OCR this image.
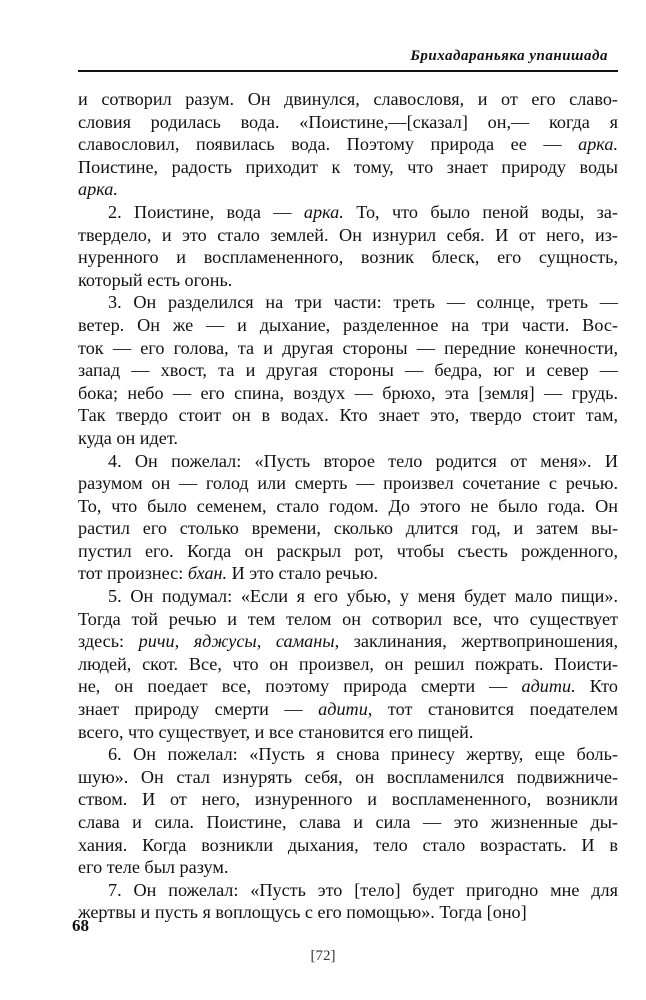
Брихадараньяка упанишада
и сотворил разум. Он двинулся, славословя, и от его славо-
словия родилась вода. «Поистине,—[сказал] он,— когда я
славословил, появилась вода. Поэтому природа ее — арка.
Поистине, радость приходит к тому, что знает природу воды
арка.
2. Поистине, вода — арка. То, что было пеной воды, за-
твердело, и это стало землей. Он изнурил себя. И от него, из-
нуренного и воспламененного, возник блеск, его сущность,
который есть огонь.
3. Он разделился на три части: треть — солнце, треть —
ветер. Он же — и дыхание, разделенное на три части. Вос-
ток — его голова, та и другая стороны — передние конечности,
запад — хвост, та и другая стороны — бедра, юг и север —
бока; небо — его спина, воздух — брюхо, эта [земля] — грудь.
Так твердо стоит он в водах. Кто знает это, твердо стоит там,
куда он идет.
4. Он пожелал: «Пусть второе тело родится от меня». И
разумом он — голод или смерть — произвел сочетание с речью.
То, что было семенем, стало годом. До этого не было года. Он
растил его столько времени, сколько длится год, и затем вы-
пустил его. Когда он раскрыл рот, чтобы съесть рожденного,
тот произнес: бхан. И это стало речью.
5. Он подумал: «Если я его убью, у меня будет мало пищи».
Тогда той речью и тем телом он сотворил все, что существует
здесь: ричи, яджусы, саманы, заклинания, жертвоприношения,
людей, скот. Все, что он произвел, он решил пожрать. Поисти-
не, он поедает все, поэтому природа смерти — адити. Кто
знает природу смерти — адити, тот становится поедателем
всего, что существует, и все становится его пищей.
6. Он пожелал: «Пусть я снова принесу жертву, еще боль-
шую». Он стал изнурять себя, он воспламенился подвижниче-
ством. И от него, изнуренного и воспламененного, возникли
слава и сила. Поистине, слава и сила — это жизненные ды-
хания. Когда возникли дыхания, тело стало возрастать. И в
его теле был разум.
7. Он пожелал: «Пусть это [тело] будет пригодно мне для
жертвы и пусть я воплощусь с его помощью». Тогда [оно]
68
[72]
